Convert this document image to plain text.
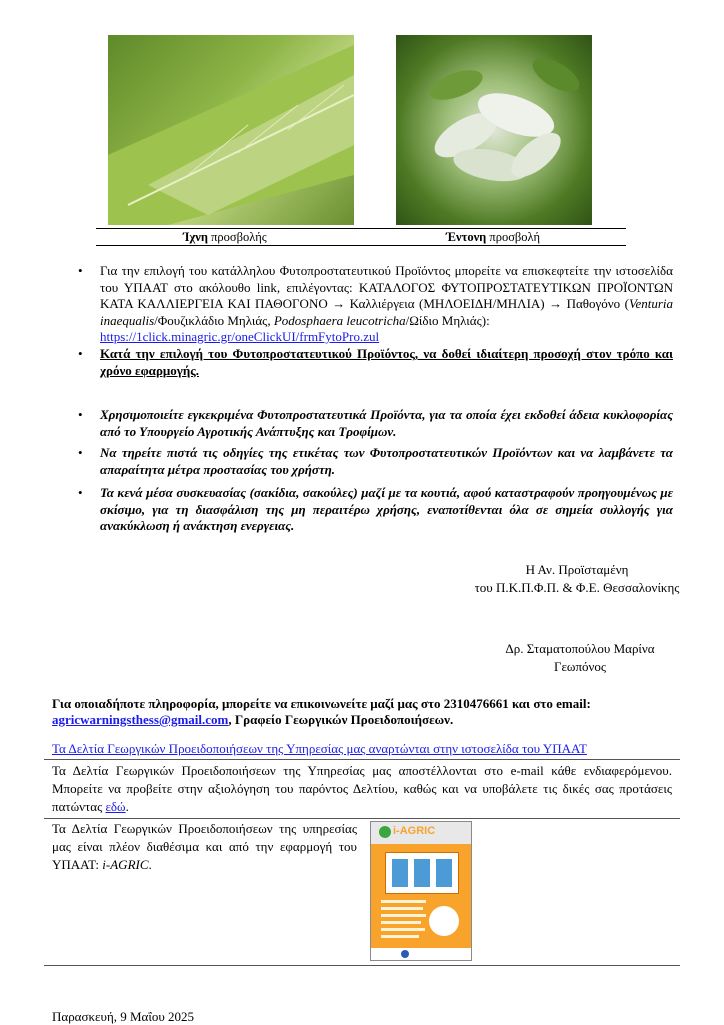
Ίχνη προσβολής	Έντονη προσβολή
• Για την επιλογή του κατάλληλου Φυτοπροστατευτικού Προϊόντος μπορείτε να επισκεφτείτε την ιστοσελίδα του ΥΠΑΑΤ στο ακόλουθο link, επιλέγοντας: ΚΑΤΑΛΟΓΟΣ ΦΥΤΟΠΡΟΣΤΑΤΕΥΤΙΚΩΝ ΠΡΟΪΟΝΤΩΝ ΚΑΤΑ ΚΑΛΛΙΕΡΓΕΙΑ ΚΑΙ ΠΑΘΟΓΟΝΟ → Καλλιέργεια (ΜΗΛΟΕΙΔΗ/ΜΗΛΙΑ) → Παθογόνο (Venturia inaequalis/Φουζικλάδιο Μηλιάς, Podosphaera leucotricha/Ωίδιο Μηλιάς):
https://1click.minagric.gr/oneClickUI/frmFytoPro.zul
• Κατά την επιλογή του Φυτοπροστατευτικού Προϊόντος, να δοθεί ιδιαίτερη προσοχή στον τρόπο και χρόνο εφαρμογής.
• Χρησιμοποιείτε εγκεκριμένα Φυτοπροστατευτικά Προϊόντα, για τα οποία έχει εκδοθεί άδεια κυκλοφορίας από το Υπουργείο Αγροτικής Ανάπτυξης και Τροφίμων.
• Να τηρείτε πιστά τις οδηγίες της ετικέτας των Φυτοπροστατευτικών Προϊόντων και να λαμβάνετε τα απαραίτητα μέτρα προστασίας του χρήστη.
• Τα κενά μέσα συσκευασίας (σακίδια, σακούλες) μαζί με τα κουτιά, αφού καταστραφούν προηγουμένως με σκίσιμο, για τη διασφάλιση της μη περαιτέρω χρήσης, εναποτίθενται όλα σε σημεία συλλογής για ανακύκλωση ή ανάκτηση ενεργειας.
Η Αν. Προϊσταμένη
του Π.Κ.Π.Φ.Π. & Φ.Ε. Θεσσαλονίκης
Δρ. Σταματοπούλου Μαρίνα
Γεωπόνος
Για οποιαδήποτε πληροφορία, μπορείτε να επικοινωνείτε μαζί μας στο 2310476661 και στο email:
agricwarningsthess@gmail.com, Γραφείο Γεωργικών Προειδοποιήσεων.
Τα Δελτία Γεωργικών Προειδοποιήσεων της Υπηρεσίας μας αναρτώνται στην ιστοσελίδα του ΥΠΑΑΤ
Τα Δελτία Γεωργικών Προειδοποιήσεων της Υπηρεσίας μας αποστέλλονται στο e-mail κάθε ενδιαφερόμενου. Μπορείτε να προβείτε στην αξιολόγηση του παρόντος Δελτίου, καθώς και να υποβάλετε τις δικές σας προτάσεις πατώντας εδώ.
Τα Δελτία Γεωργικών Προειδοποιήσεων της υπηρεσίας μας είναι πλέον διαθέσιμα και από την εφαρμογή του ΥΠΑΑΤ: i-AGRIC.
i-AGRIC
Παρασκευή, 9 Μαΐου 2025
